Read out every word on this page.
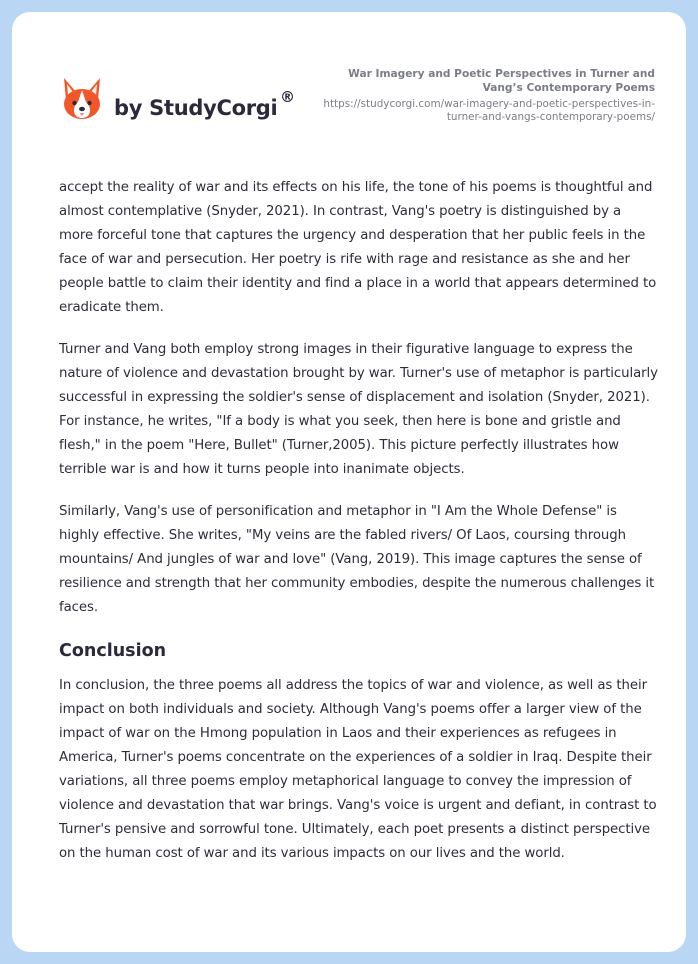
by StudyCorgi ®
War Imagery and Poetic Perspectives in Turner and Vang’s Contemporary Poems
https://studycorgi.com/war-imagery-and-poetic-perspectives-in-turner-and-vangs-contemporary-poems/

accept the reality of war and its effects on his life, the tone of his poems is thoughtful and almost contemplative (Snyder, 2021). In contrast, Vang's poetry is distinguished by a more forceful tone that captures the urgency and desperation that her public feels in the face of war and persecution. Her poetry is rife with rage and resistance as she and her people battle to claim their identity and find a place in a world that appears determined to eradicate them.

Turner and Vang both employ strong images in their figurative language to express the nature of violence and devastation brought by war. Turner's use of metaphor is particularly successful in expressing the soldier's sense of displacement and isolation (Snyder, 2021). For instance, he writes, "If a body is what you seek, then here is bone and gristle and flesh," in the poem "Here, Bullet" (Turner,2005). This picture perfectly illustrates how terrible war is and how it turns people into inanimate objects.

Similarly, Vang's use of personification and metaphor in "I Am the Whole Defense" is highly effective. She writes, "My veins are the fabled rivers/ Of Laos, coursing through mountains/ And jungles of war and love" (Vang, 2019). This image captures the sense of resilience and strength that her community embodies, despite the numerous challenges it faces.

Conclusion

In conclusion, the three poems all address the topics of war and violence, as well as their impact on both individuals and society. Although Vang's poems offer a larger view of the impact of war on the Hmong population in Laos and their experiences as refugees in America, Turner's poems concentrate on the experiences of a soldier in Iraq. Despite their variations, all three poems employ metaphorical language to convey the impression of violence and devastation that war brings. Vang's voice is urgent and defiant, in contrast to Turner's pensive and sorrowful tone. Ultimately, each poet presents a distinct perspective on the human cost of war and its various impacts on our lives and the world.
